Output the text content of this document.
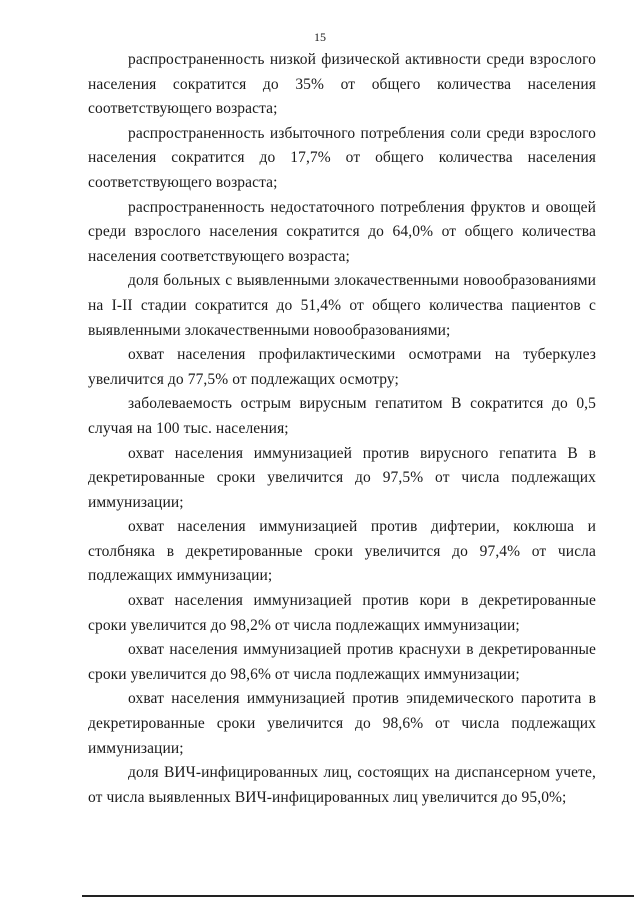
15

распространенность низкой физической активности среди взрослого населения сократится до 35% от общего количества населения соответствующего возраста;

распространенность избыточного потребления соли среди взрослого населения сократится до 17,7% от общего количества населения соответствующего возраста;

распространенность недостаточного потребления фруктов и овощей среди взрослого населения сократится до 64,0% от общего количества населения соответствующего возраста;

доля больных с выявленными злокачественными новообразованиями на I-II стадии сократится до 51,4% от общего количества пациентов с выявленными злокачественными новообразованиями;

охват населения профилактическими осмотрами на туберкулез увеличится до 77,5% от подлежащих осмотру;

заболеваемость острым вирусным гепатитом В сократится до 0,5 случая на 100 тыс. населения;

охват населения иммунизацией против вирусного гепатита В в декретированные сроки увеличится до 97,5% от числа подлежащих иммунизации;

охват населения иммунизацией против дифтерии, коклюша и столбняка в декретированные сроки увеличится до 97,4% от числа подлежащих иммунизации;

охват населения иммунизацией против кори в декретированные сроки увеличится до 98,2% от числа подлежащих иммунизации;

охват населения иммунизацией против краснухи в декретированные сроки увеличится до 98,6% от числа подлежащих иммунизации;

охват населения иммунизацией против эпидемического паротита в декретированные сроки увеличится до 98,6% от числа подлежащих иммунизации;

доля ВИЧ-инфицированных лиц, состоящих на диспансерном учете, от числа выявленных ВИЧ-инфицированных лиц увеличится до 95,0%;
